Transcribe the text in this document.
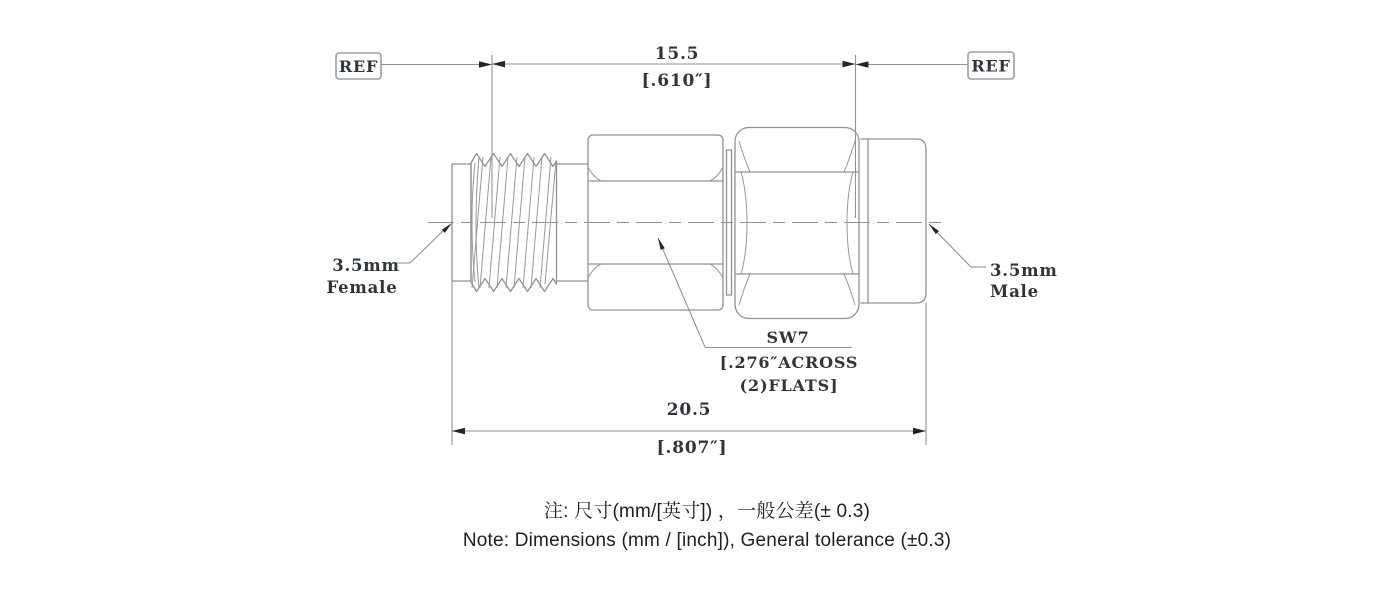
REF	REF
15.5
[.610″]
20.5
[.807″]
3.5mm
Female
3.5mm
Male
SW7
[.276″ACROSS
(2)FLATS]
注: 尺寸(mm/[英寸]) ，一般公差(± 0.3)
Note: Dimensions (mm / [inch]), General tolerance (±0.3)
